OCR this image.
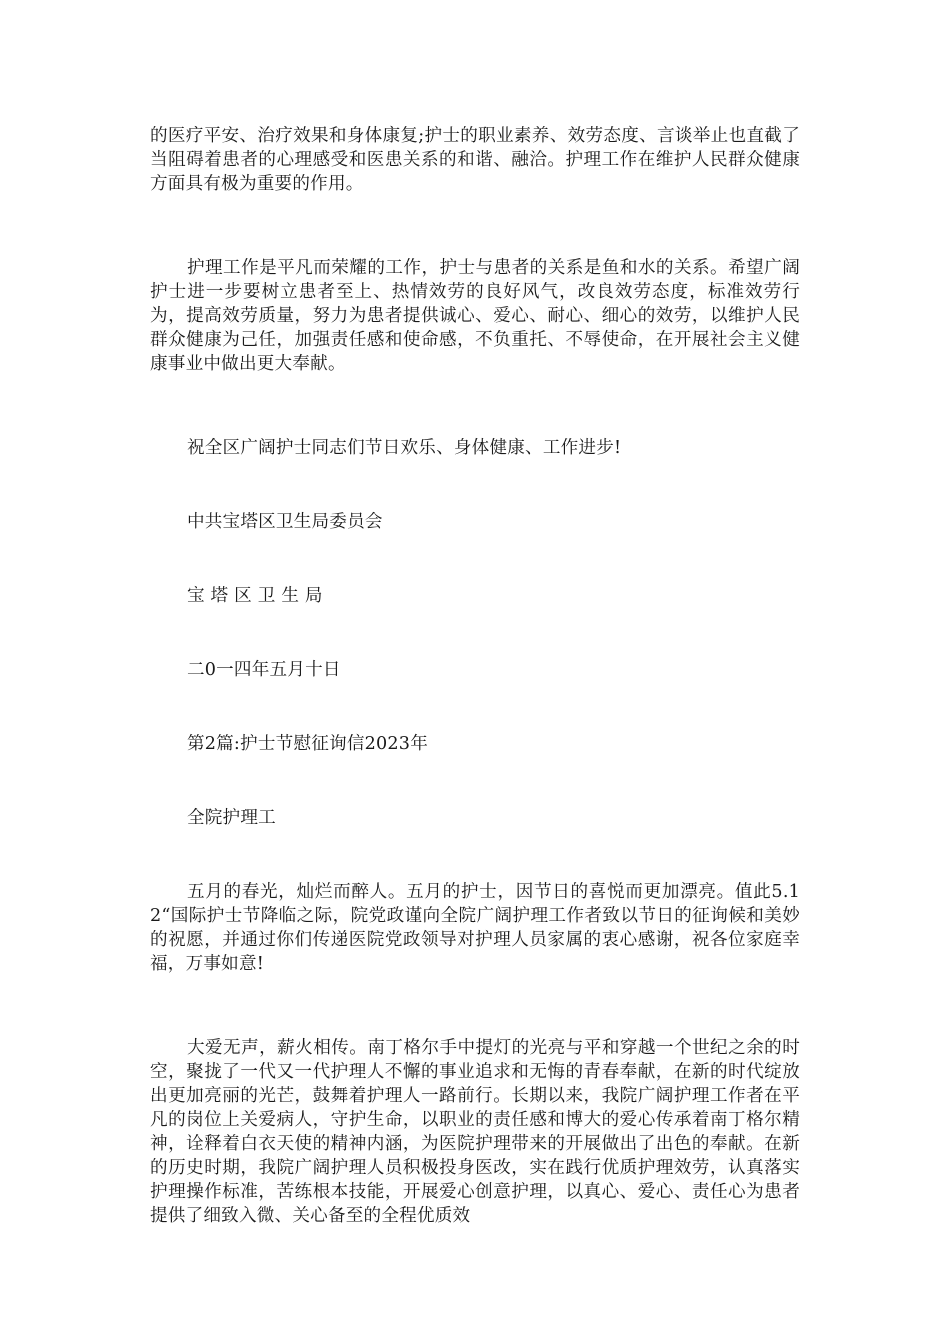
的医疗平安、治疗效果和身体康复;护士的职业素养、效劳态度、言谈举止也直截了当阻碍着患者的心理感受和医患关系的和谐、融洽。护理工作在维护人民群众健康方面具有极为重要的作用。

护理工作是平凡而荣耀的工作，护士与患者的关系是鱼和水的关系。希望广阔护士进一步要树立患者至上、热情效劳的良好风气，改良效劳态度，标准效劳行为，提高效劳质量，努力为患者提供诚心、爱心、耐心、细心的效劳，以维护人民群众健康为己任，加强责任感和使命感，不负重托、不辱使命，在开展社会主义健康事业中做出更大奉献。

祝全区广阔护士同志们节日欢乐、身体健康、工作进步!

中共宝塔区卫生局委员会

宝塔区卫生局

二0一四年五月十日

第2篇:护士节慰征询信2023年

全院护理工

五月的春光，灿烂而醉人。五月的护士，因节日的喜悦而更加漂亮。值此5.12“国际护士节降临之际，院党政谨向全院广阔护理工作者致以节日的征询候和美妙的祝愿，并通过你们传递医院党政领导对护理人员家属的衷心感谢，祝各位家庭幸福，万事如意!

大爱无声，薪火相传。南丁格尔手中提灯的光亮与平和穿越一个世纪之余的时空，聚拢了一代又一代护理人不懈的事业追求和无悔的青春奉献，在新的时代绽放出更加亮丽的光芒，鼓舞着护理人一路前行。长期以来，我院广阔护理工作者在平凡的岗位上关爱病人，守护生命，以职业的责任感和博大的爱心传承着南丁格尔精神，诠释着白衣天使的精神内涵，为医院护理带来的开展做出了出色的奉献。在新的历史时期，我院广阔护理人员积极投身医改，实在践行优质护理效劳，认真落实护理操作标准，苦练根本技能，开展爱心创意护理，以真心、爱心、责任心为患者提供了细致入微、关心备至的全程优质效
